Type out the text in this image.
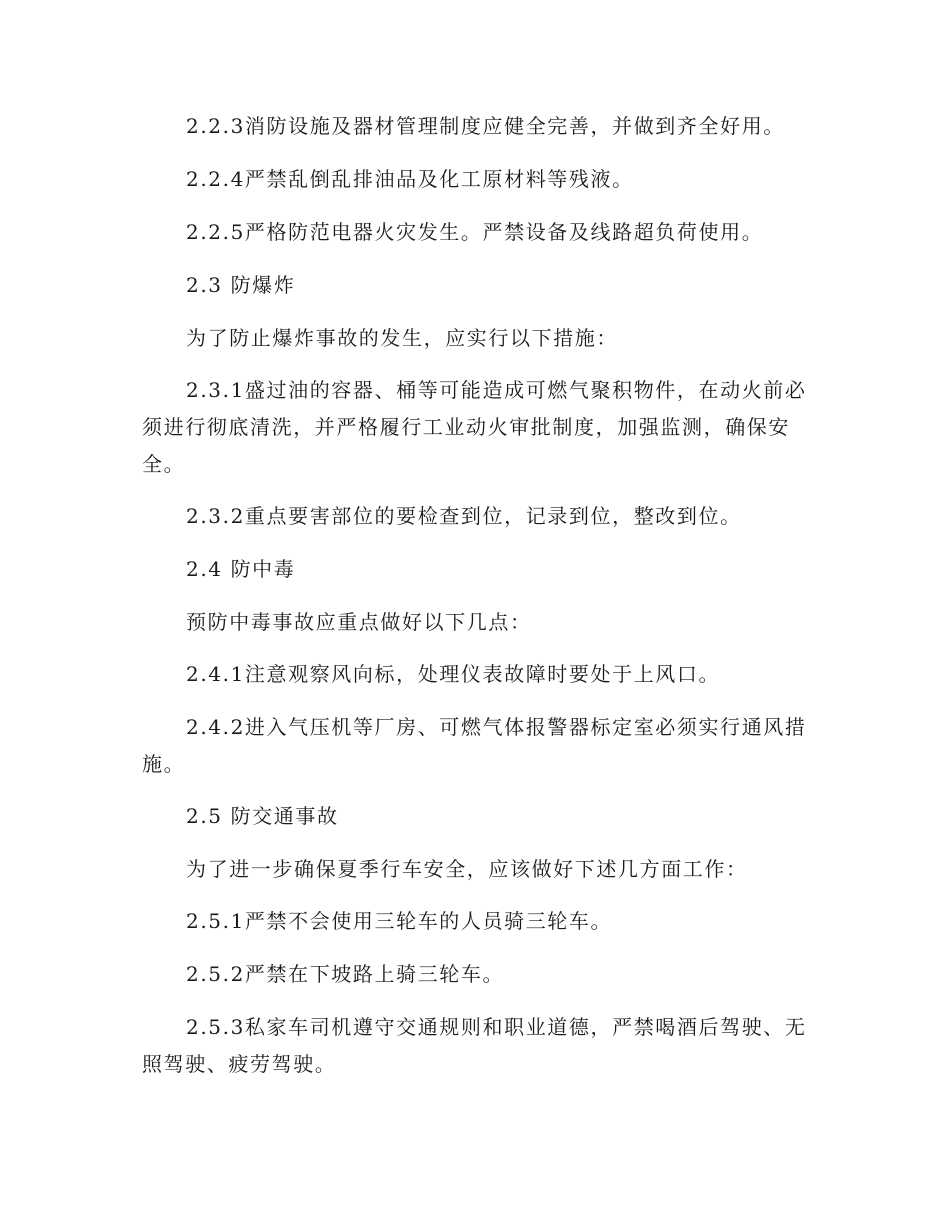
2.2.3消防设施及器材管理制度应健全完善，并做到齐全好用。

2.2.4严禁乱倒乱排油品及化工原材料等残液。

2.2.5严格防范电器火灾发生。严禁设备及线路超负荷使用。

2.3 防爆炸

为了防止爆炸事故的发生，应实行以下措施：

2.3.1盛过油的容器、桶等可能造成可燃气聚积物件，在动火前必须进行彻底清洗，并严格履行工业动火审批制度，加强监测，确保安全。

2.3.2重点要害部位的要检查到位，记录到位，整改到位。

2.4 防中毒

预防中毒事故应重点做好以下几点：

2.4.1注意观察风向标，处理仪表故障时要处于上风口。

2.4.2进入气压机等厂房、可燃气体报警器标定室必须实行通风措施。

2.5 防交通事故

为了进一步确保夏季行车安全，应该做好下述几方面工作：

2.5.1严禁不会使用三轮车的人员骑三轮车。

2.5.2严禁在下坡路上骑三轮车。

2.5.3私家车司机遵守交通规则和职业道德，严禁喝酒后驾驶、无照驾驶、疲劳驾驶。
